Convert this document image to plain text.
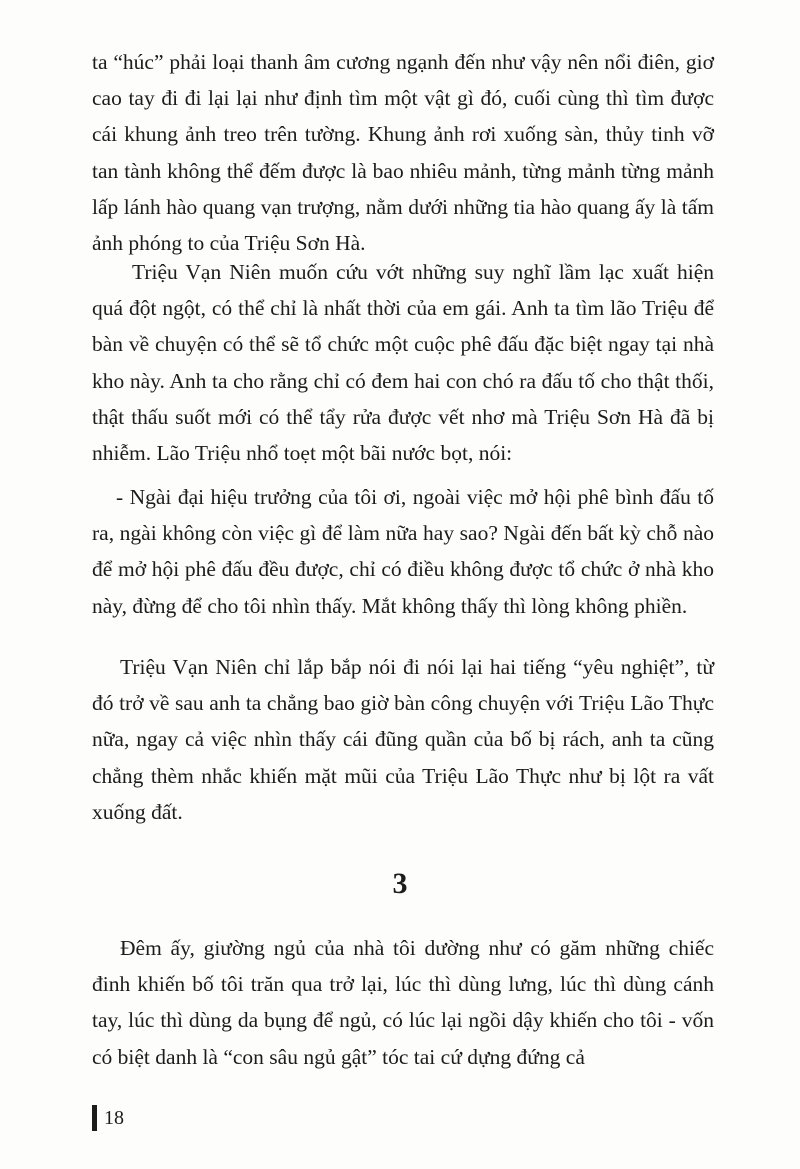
ta “húc” phải loại thanh âm cương ngạnh đến như vậy nên nổi điên, giơ cao tay đi đi lại lại như định tìm một vật gì đó, cuối cùng thì tìm được cái khung ảnh treo trên tường. Khung ảnh rơi xuống sàn, thủy tinh vỡ tan tành không thể đếm được là bao nhiêu mảnh, từng mảnh từng mảnh lấp lánh hào quang vạn trượng, nằm dưới những tia hào quang ấy là tấm ảnh phóng to của Triệu Sơn Hà.

Triệu Vạn Niên muốn cứu vớt những suy nghĩ lầm lạc xuất hiện quá đột ngột, có thể chỉ là nhất thời của em gái. Anh ta tìm lão Triệu để bàn về chuyện có thể sẽ tổ chức một cuộc phê đấu đặc biệt ngay tại nhà kho này. Anh ta cho rằng chỉ có đem hai con chó ra đấu tố cho thật thối, thật thấu suốt mới có thể tẩy rửa được vết nhơ mà Triệu Sơn Hà đã bị nhiễm. Lão Triệu nhổ toẹt một bãi nước bọt, nói:

- Ngài đại hiệu trưởng của tôi ơi, ngoài việc mở hội phê bình đấu tố ra, ngài không còn việc gì để làm nữa hay sao? Ngài đến bất kỳ chỗ nào để mở hội phê đấu đều được, chỉ có điều không được tổ chức ở nhà kho này, đừng để cho tôi nhìn thấy. Mắt không thấy thì lòng không phiền.

Triệu Vạn Niên chỉ lắp bắp nói đi nói lại hai tiếng “yêu nghiệt”, từ đó trở về sau anh ta chẳng bao giờ bàn công chuyện với Triệu Lão Thực nữa, ngay cả việc nhìn thấy cái đũng quần của bố bị rách, anh ta cũng chẳng thèm nhắc khiến mặt mũi của Triệu Lão Thực như bị lột ra vất xuống đất.

3

Đêm ấy, giường ngủ của nhà tôi dường như có găm những chiếc đinh khiến bố tôi trăn qua trở lại, lúc thì dùng lưng, lúc thì dùng cánh tay, lúc thì dùng da bụng để ngủ, có lúc lại ngồi dậy khiến cho tôi - vốn có biệt danh là “con sâu ngủ gật” tóc tai cứ dựng đứng cả

18
